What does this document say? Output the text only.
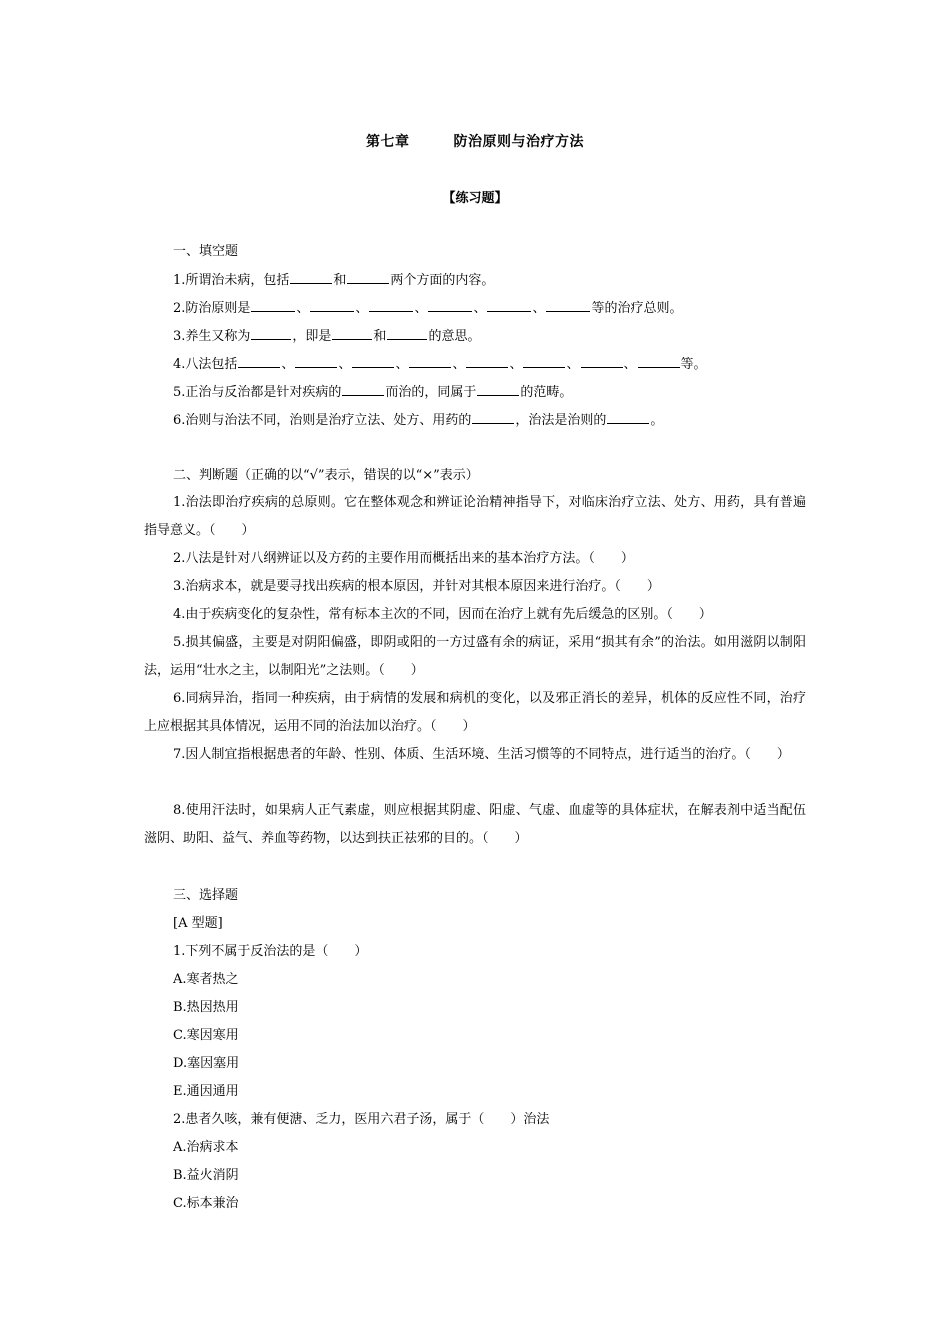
第七章	防治原则与治疗方法
【练习题】
一、填空题
1.所谓治未病，包括	和	两个方面的内容。
2.防治原则是	、	、	、	、	、	等的治疗总则。
3.养生又称为	，即是	和	的意思。
4.八法包括	、	、	、	、	、	、	、	等。
5.正治与反治都是针对疾病的	而治的，同属于	的范畴。
6.治则与治法不同，治则是治疗立法、处方、用药的	，治法是治则的	。
二、判断题（正确的以“√”表示，错误的以“×”表示）
1.治法即治疗疾病的总原则。它在整体观念和辨证论治精神指导下，对临床治疗立法、处方、用药，具有普遍指导意义。（　　）
2.八法是针对八纲辨证以及方药的主要作用而概括出来的基本治疗方法。（　　）
3.治病求本，就是要寻找出疾病的根本原因，并针对其根本原因来进行治疗。（　　）
4.由于疾病变化的复杂性，常有标本主次的不同，因而在治疗上就有先后缓急的区别。（　　）
5.损其偏盛，主要是对阴阳偏盛，即阴或阳的一方过盛有余的病证，采用“损其有余”的治法。如用滋阴以制阳法，运用“壮水之主，以制阳光”之法则。（　　）
6.同病异治，指同一种疾病，由于病情的发展和病机的变化，以及邪正消长的差异，机体的反应性不同，治疗上应根据其具体情况，运用不同的治法加以治疗。（　　）
7.因人制宜指根据患者的年龄、性别、体质、生活环境、生活习惯等的不同特点，进行适当的治疗。（　　）
8.使用汗法时，如果病人正气素虚，则应根据其阴虚、阳虚、气虚、血虚等的具体症状，在解表剂中适当配伍滋阴、助阳、益气、养血等药物，以达到扶正祛邪的目的。（　　）
三、选择题
[A 型题]
1.下列不属于反治法的是（　　）
A.寒者热之
B.热因热用
C.寒因寒用
D.塞因塞用
E.通因通用
2.患者久咳，兼有便溏、乏力，医用六君子汤，属于（　　）治法
A.治病求本
B.益火消阴
C.标本兼治
